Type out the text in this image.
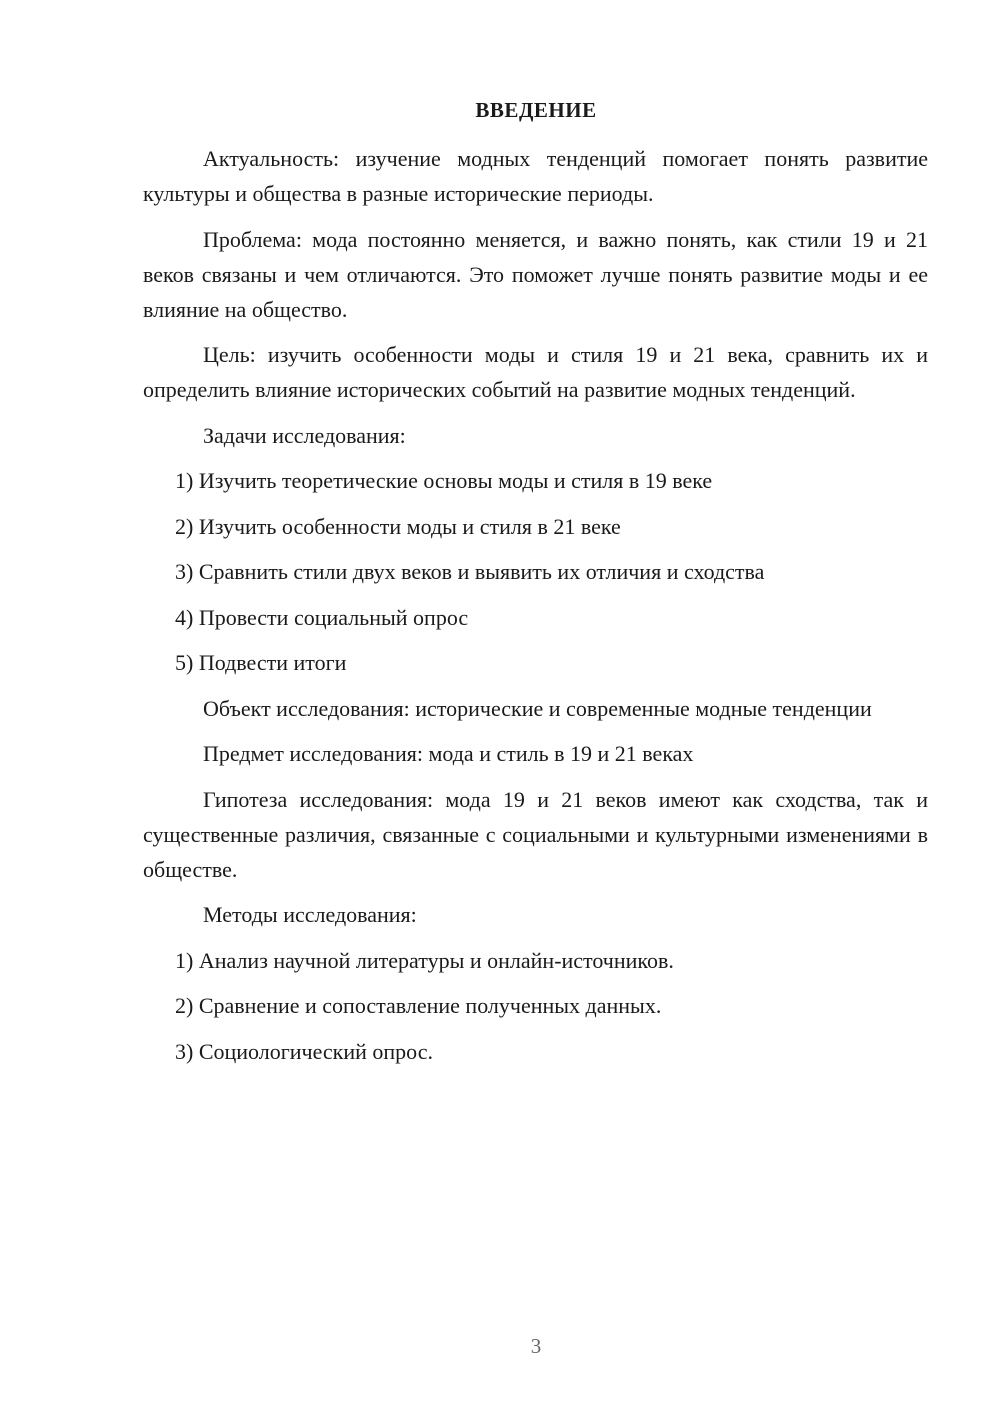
ВВЕДЕНИЕ

Актуальность: изучение модных тенденций помогает понять развитие культуры и общества в разные исторические периоды.

Проблема: мода постоянно меняется, и важно понять, как стили 19 и 21 веков связаны и чем отличаются. Это поможет лучше понять развитие моды и ее влияние на общество.

Цель: изучить особенности моды и стиля 19 и 21 века, сравнить их и определить влияние исторических событий на развитие модных тенденций.

Задачи исследования:

1) Изучить теоретические основы моды и стиля в 19 веке
2) Изучить особенности моды и стиля в 21 веке
3) Сравнить стили двух веков и выявить их отличия и сходства
4) Провести социальный опрос
5) Подвести итоги

Объект исследования: исторические и современные модные тенденции

Предмет исследования: мода и стиль в 19 и 21 веках

Гипотеза исследования: мода 19 и 21 веков имеют как сходства, так и существенные различия, связанные с социальными и культурными изменениями в обществе.

Методы исследования:

1) Анализ научной литературы и онлайн-источников.
2) Сравнение и сопоставление полученных данных.
3) Социологический опрос.
3
